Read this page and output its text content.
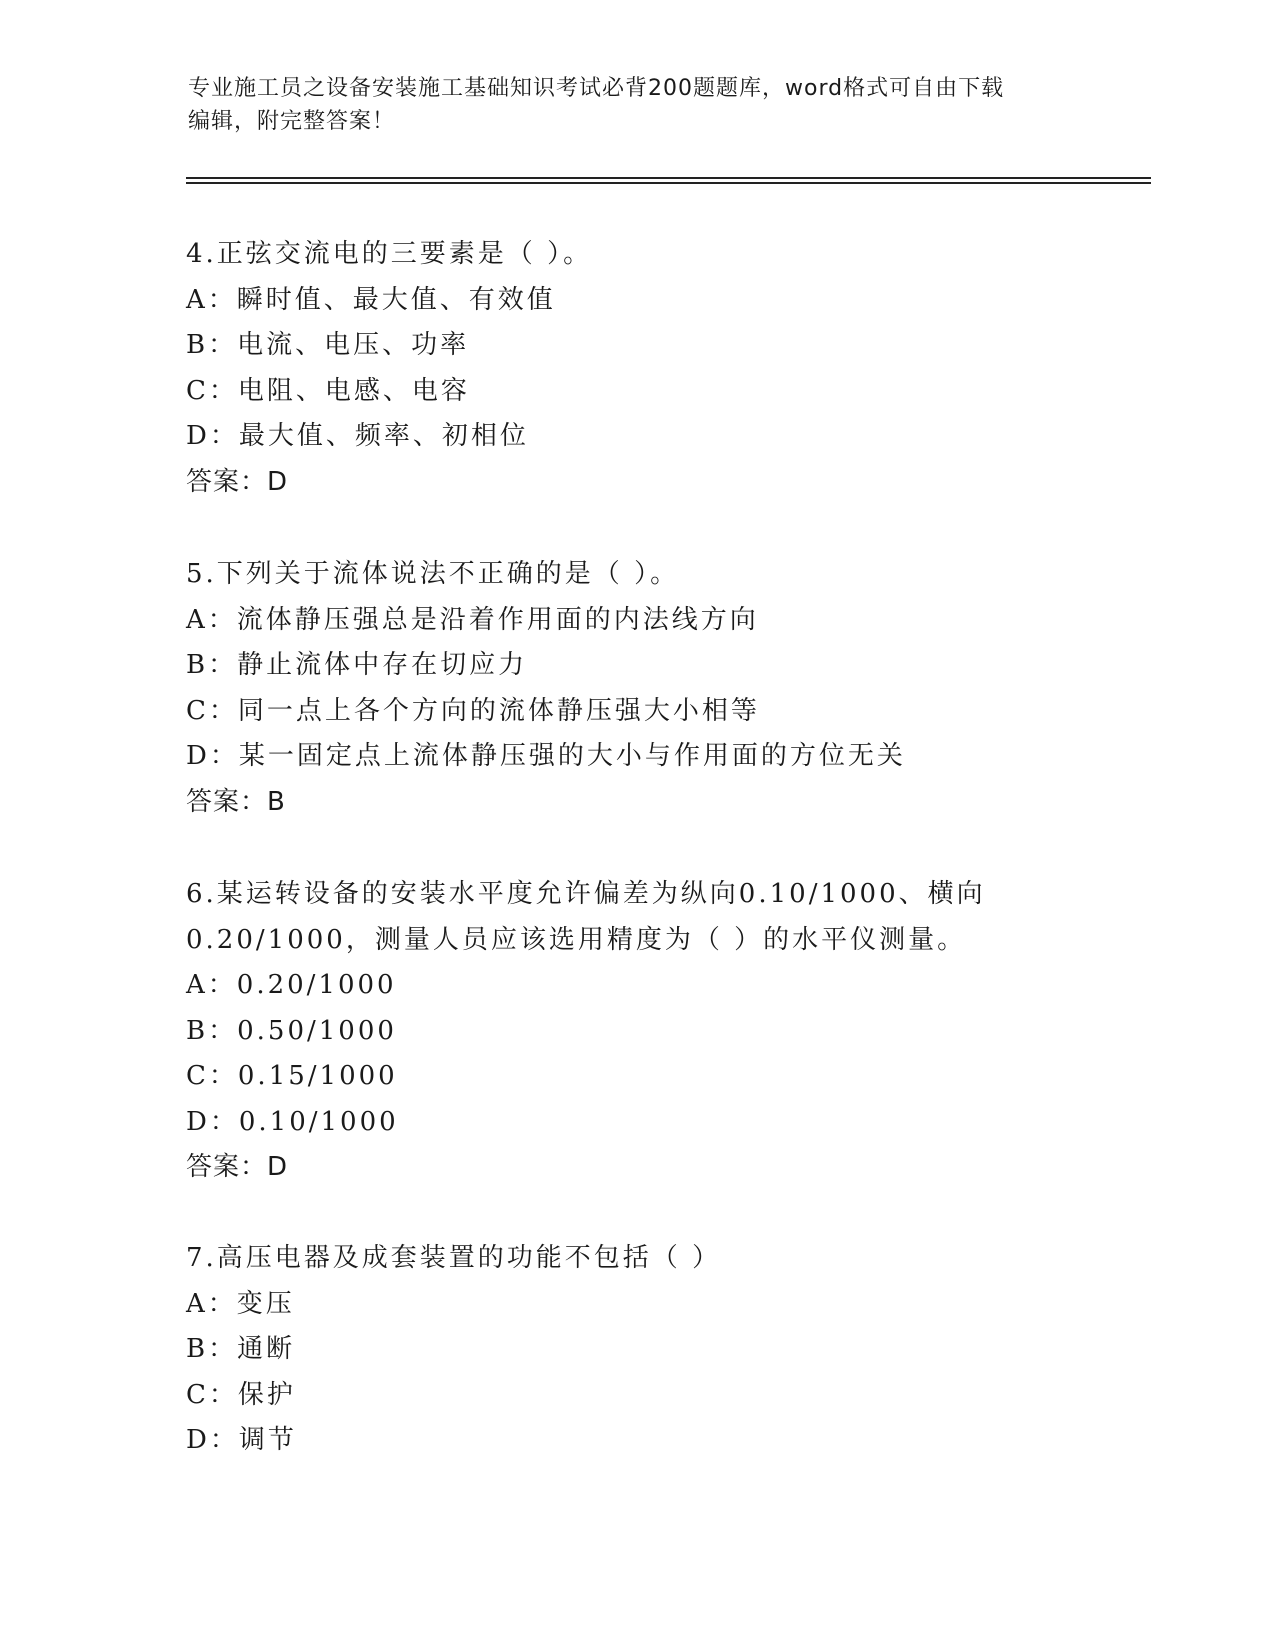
专业施工员之设备安装施工基础知识考试必背200题题库，word格式可自由下载
编辑，附完整答案！

4.正弦交流电的三要素是（ ）。

A：瞬时值、最大值、有效值

B：电流、电压、功率

C：电阻、电感、电容

D：最大值、频率、初相位

答案：D

5.下列关于流体说法不正确的是（ ）。

A：流体静压强总是沿着作用面的内法线方向

B：静止流体中存在切应力

C：同一点上各个方向的流体静压强大小相等

D：某一固定点上流体静压强的大小与作用面的方位无关

答案：B

6.某运转设备的安装水平度允许偏差为纵向0.10/1000、横向

0.20/1000，测量人员应该选用精度为（ ）的水平仪测量。

A：0.20/1000

B：0.50/1000

C：0.15/1000

D：0.10/1000

答案：D

7.高压电器及成套装置的功能不包括（ ）

A：变压

B：通断

C：保护

D：调节
